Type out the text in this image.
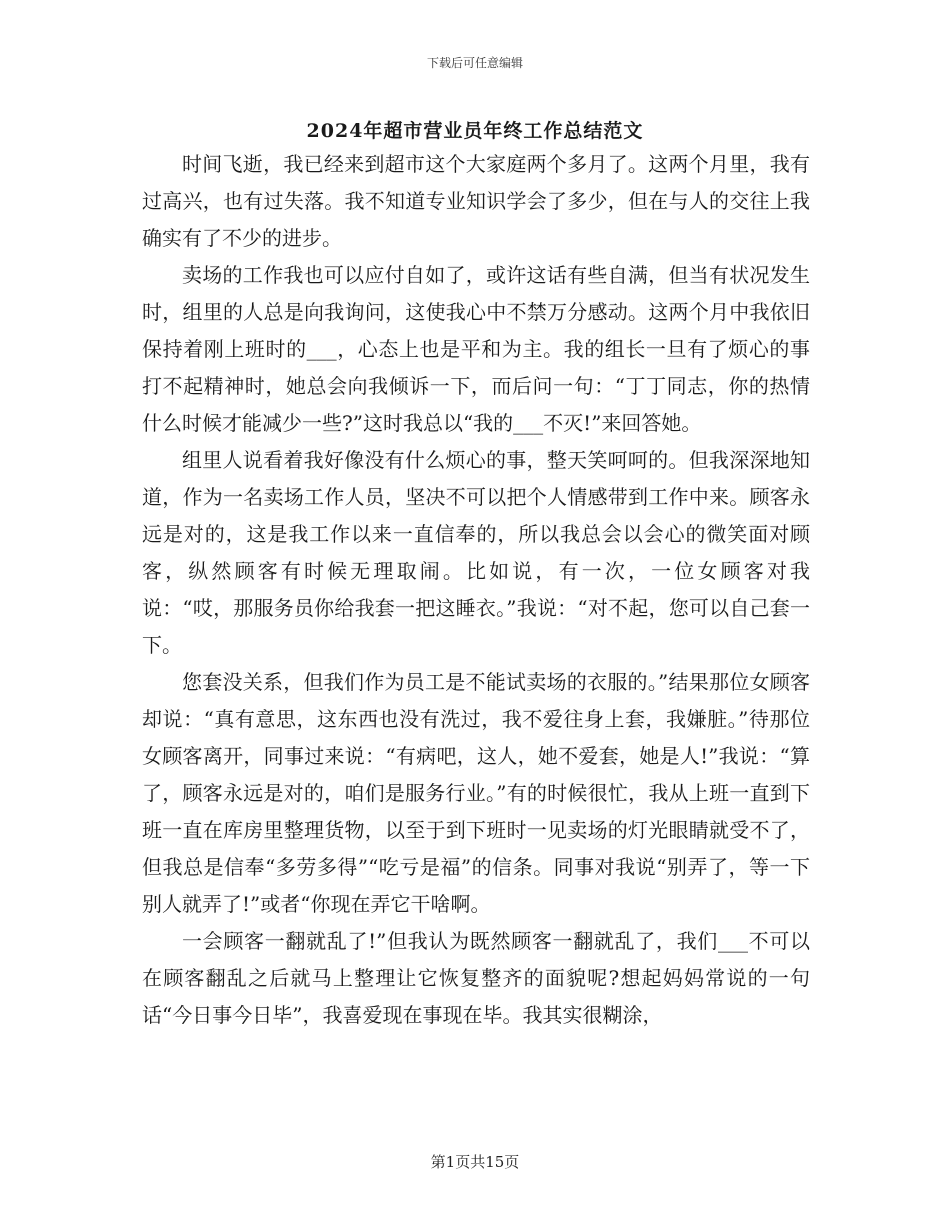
下载后可任意编辑
2024年超市营业员年终工作总结范文

时间飞逝，我已经来到超市这个大家庭两个多月了。这两个月里，我有过高兴，也有过失落。我不知道专业知识学会了多少，但在与人的交往上我确实有了不少的进步。

卖场的工作我也可以应付自如了，或许这话有些自满，但当有状况发生时，组里的人总是向我询问，这使我心中不禁万分感动。这两个月中我依旧保持着刚上班时的___，心态上也是平和为主。我的组长一旦有了烦心的事打不起精神时，她总会向我倾诉一下，而后问一句：“丁丁同志，你的热情什么时候才能减少一些?”这时我总以“我的___不灭!”来回答她。

组里人说看着我好像没有什么烦心的事，整天笑呵呵的。但我深深地知道，作为一名卖场工作人员，坚决不可以把个人情感带到工作中来。顾客永远是对的，这是我工作以来一直信奉的，所以我总会以会心的微笑面对顾客，纵然顾客有时候无理取闹。比如说，有一次，一位女顾客对我说：“哎，那服务员你给我套一把这睡衣。”我说：“对不起，您可以自己套一下。

您套没关系，但我们作为员工是不能试卖场的衣服的。”结果那位女顾客却说：“真有意思，这东西也没有洗过，我不爱往身上套，我嫌脏。”待那位女顾客离开，同事过来说：“有病吧，这人，她不爱套，她是人!”我说：“算了，顾客永远是对的，咱们是服务行业。”有的时候很忙，我从上班一直到下班一直在库房里整理货物，以至于到下班时一见卖场的灯光眼睛就受不了，但我总是信奉“多劳多得”“吃亏是福”的信条。同事对我说“别弄了，等一下别人就弄了!”或者“你现在弄它干啥啊。

一会顾客一翻就乱了!”但我认为既然顾客一翻就乱了，我们___不可以在顾客翻乱之后就马上整理让它恢复整齐的面貌呢?想起妈妈常说的一句话“今日事今日毕”，我喜爱现在事现在毕。我其实很糊涂，

第1页共15页
